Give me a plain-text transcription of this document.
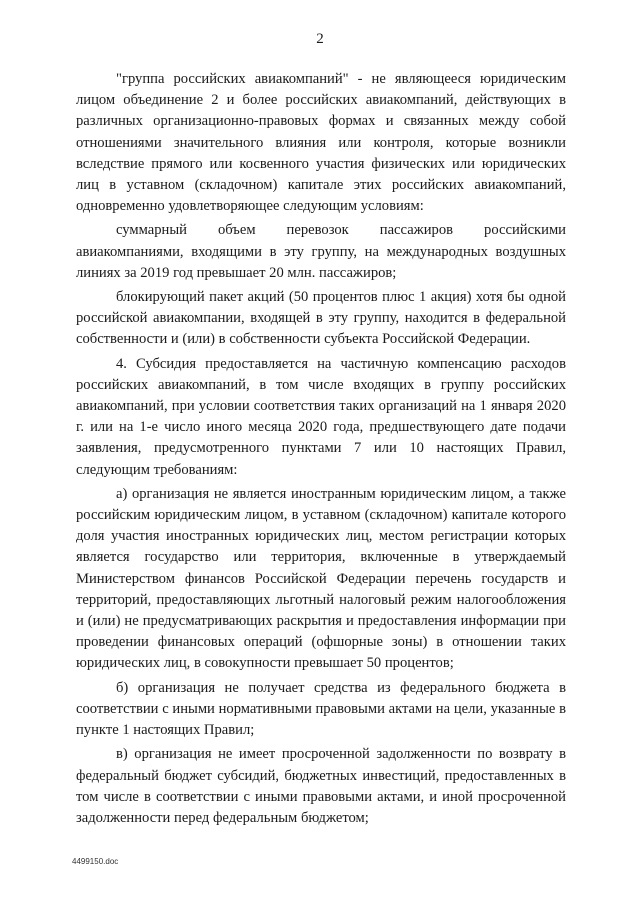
2

"группа российских авиакомпаний" - не являющееся юридическим лицом объединение 2 и более российских авиакомпаний, действующих в различных организационно-правовых формах и связанных между собой отношениями значительного влияния или контроля, которые возникли вследствие прямого или косвенного участия физических или юридических лиц в уставном (складочном) капитале этих российских авиакомпаний, одновременно удовлетворяющее следующим условиям:

суммарный объем перевозок пассажиров российскими авиакомпаниями, входящими в эту группу, на международных воздушных линиях за 2019 год превышает 20 млн. пассажиров;

блокирующий пакет акций (50 процентов плюс 1 акция) хотя бы одной российской авиакомпании, входящей в эту группу, находится в федеральной собственности и (или) в собственности субъекта Российской Федерации.

4. Субсидия предоставляется на частичную компенсацию расходов российских авиакомпаний, в том числе входящих в группу российских авиакомпаний, при условии соответствия таких организаций на 1 января 2020 г. или на 1-е число иного месяца 2020 года, предшествующего дате подачи заявления, предусмотренного пунктами 7 или 10 настоящих Правил, следующим требованиям:

а) организация не является иностранным юридическим лицом, а также российским юридическим лицом, в уставном (складочном) капитале которого доля участия иностранных юридических лиц, местом регистрации которых является государство или территория, включенные в утверждаемый Министерством финансов Российской Федерации перечень государств и территорий, предоставляющих льготный налоговый режим налогообложения и (или) не предусматривающих раскрытия и предоставления информации при проведении финансовых операций (офшорные зоны) в отношении таких юридических лиц, в совокупности превышает 50 процентов;

б) организация не получает средства из федерального бюджета в соответствии с иными нормативными правовыми актами на цели, указанные в пункте 1 настоящих Правил;

в) организация не имеет просроченной задолженности по возврату в федеральный бюджет субсидий, бюджетных инвестиций, предоставленных в том числе в соответствии с иными правовыми актами, и иной просроченной задолженности перед федеральным бюджетом;

4499150.doc
